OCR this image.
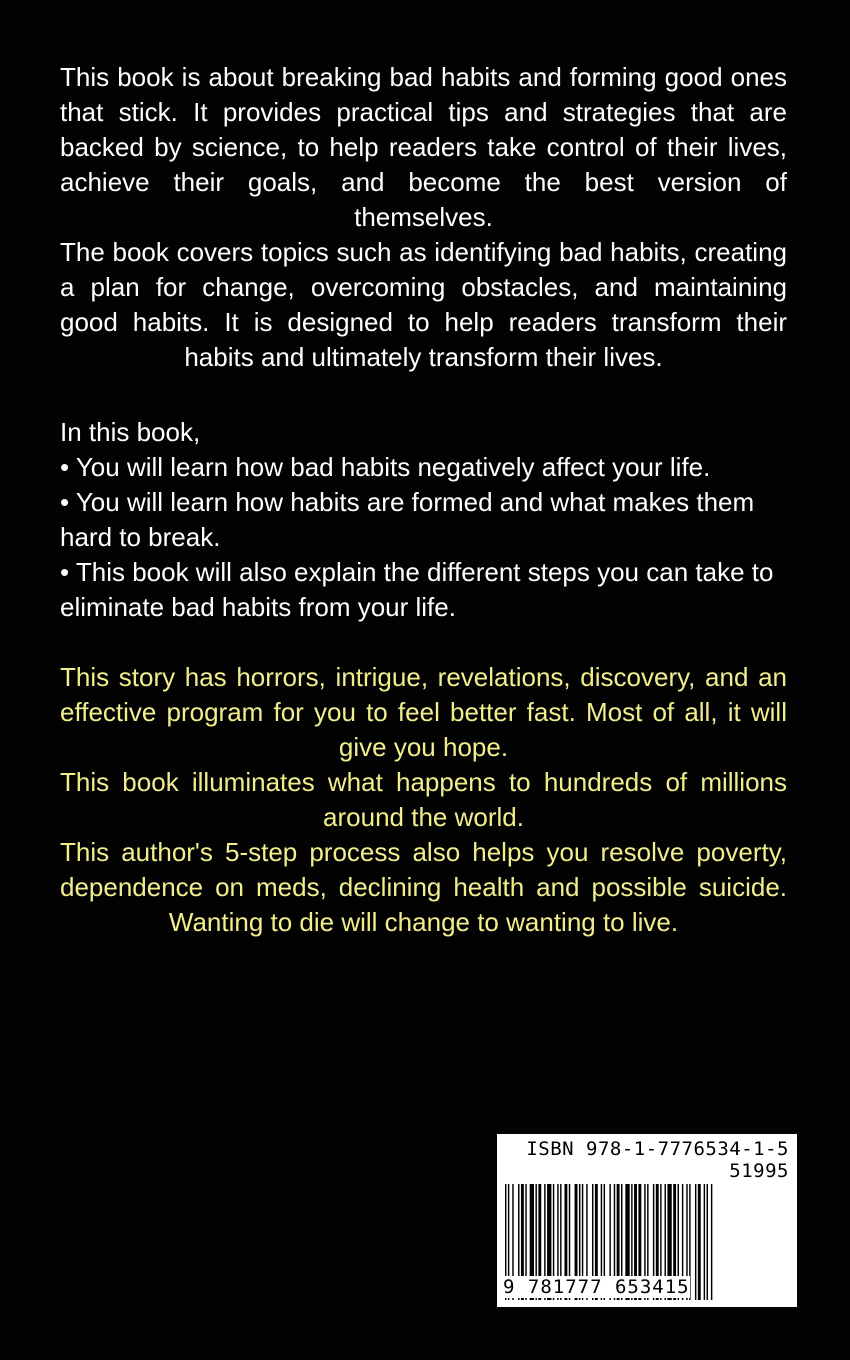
This book is about breaking bad habits and forming good ones that stick. It provides practical tips and strategies that are backed by science, to help readers take control of their lives, achieve their goals, and become the best version of themselves.

The book covers topics such as identifying bad habits, creating a plan for change, overcoming obstacles, and maintaining good habits. It is designed to help readers transform their habits and ultimately transform their lives.

In this book,

• You will learn how bad habits negatively affect your life.

• You will learn how habits are formed and what makes them hard to break.

• This book will also explain the different steps you can take to eliminate bad habits from your life.

This story has horrors, intrigue, revelations, discovery, and an effective program for you to feel better fast. Most of all, it will give you hope.

This book illuminates what happens to hundreds of millions around the world.

This author's 5-step process also helps you resolve poverty, dependence on meds, declining health and possible suicide. Wanting to die will change to wanting to live.

ISBN 978-1-7776534-1-5
51995
9 781777 653415
